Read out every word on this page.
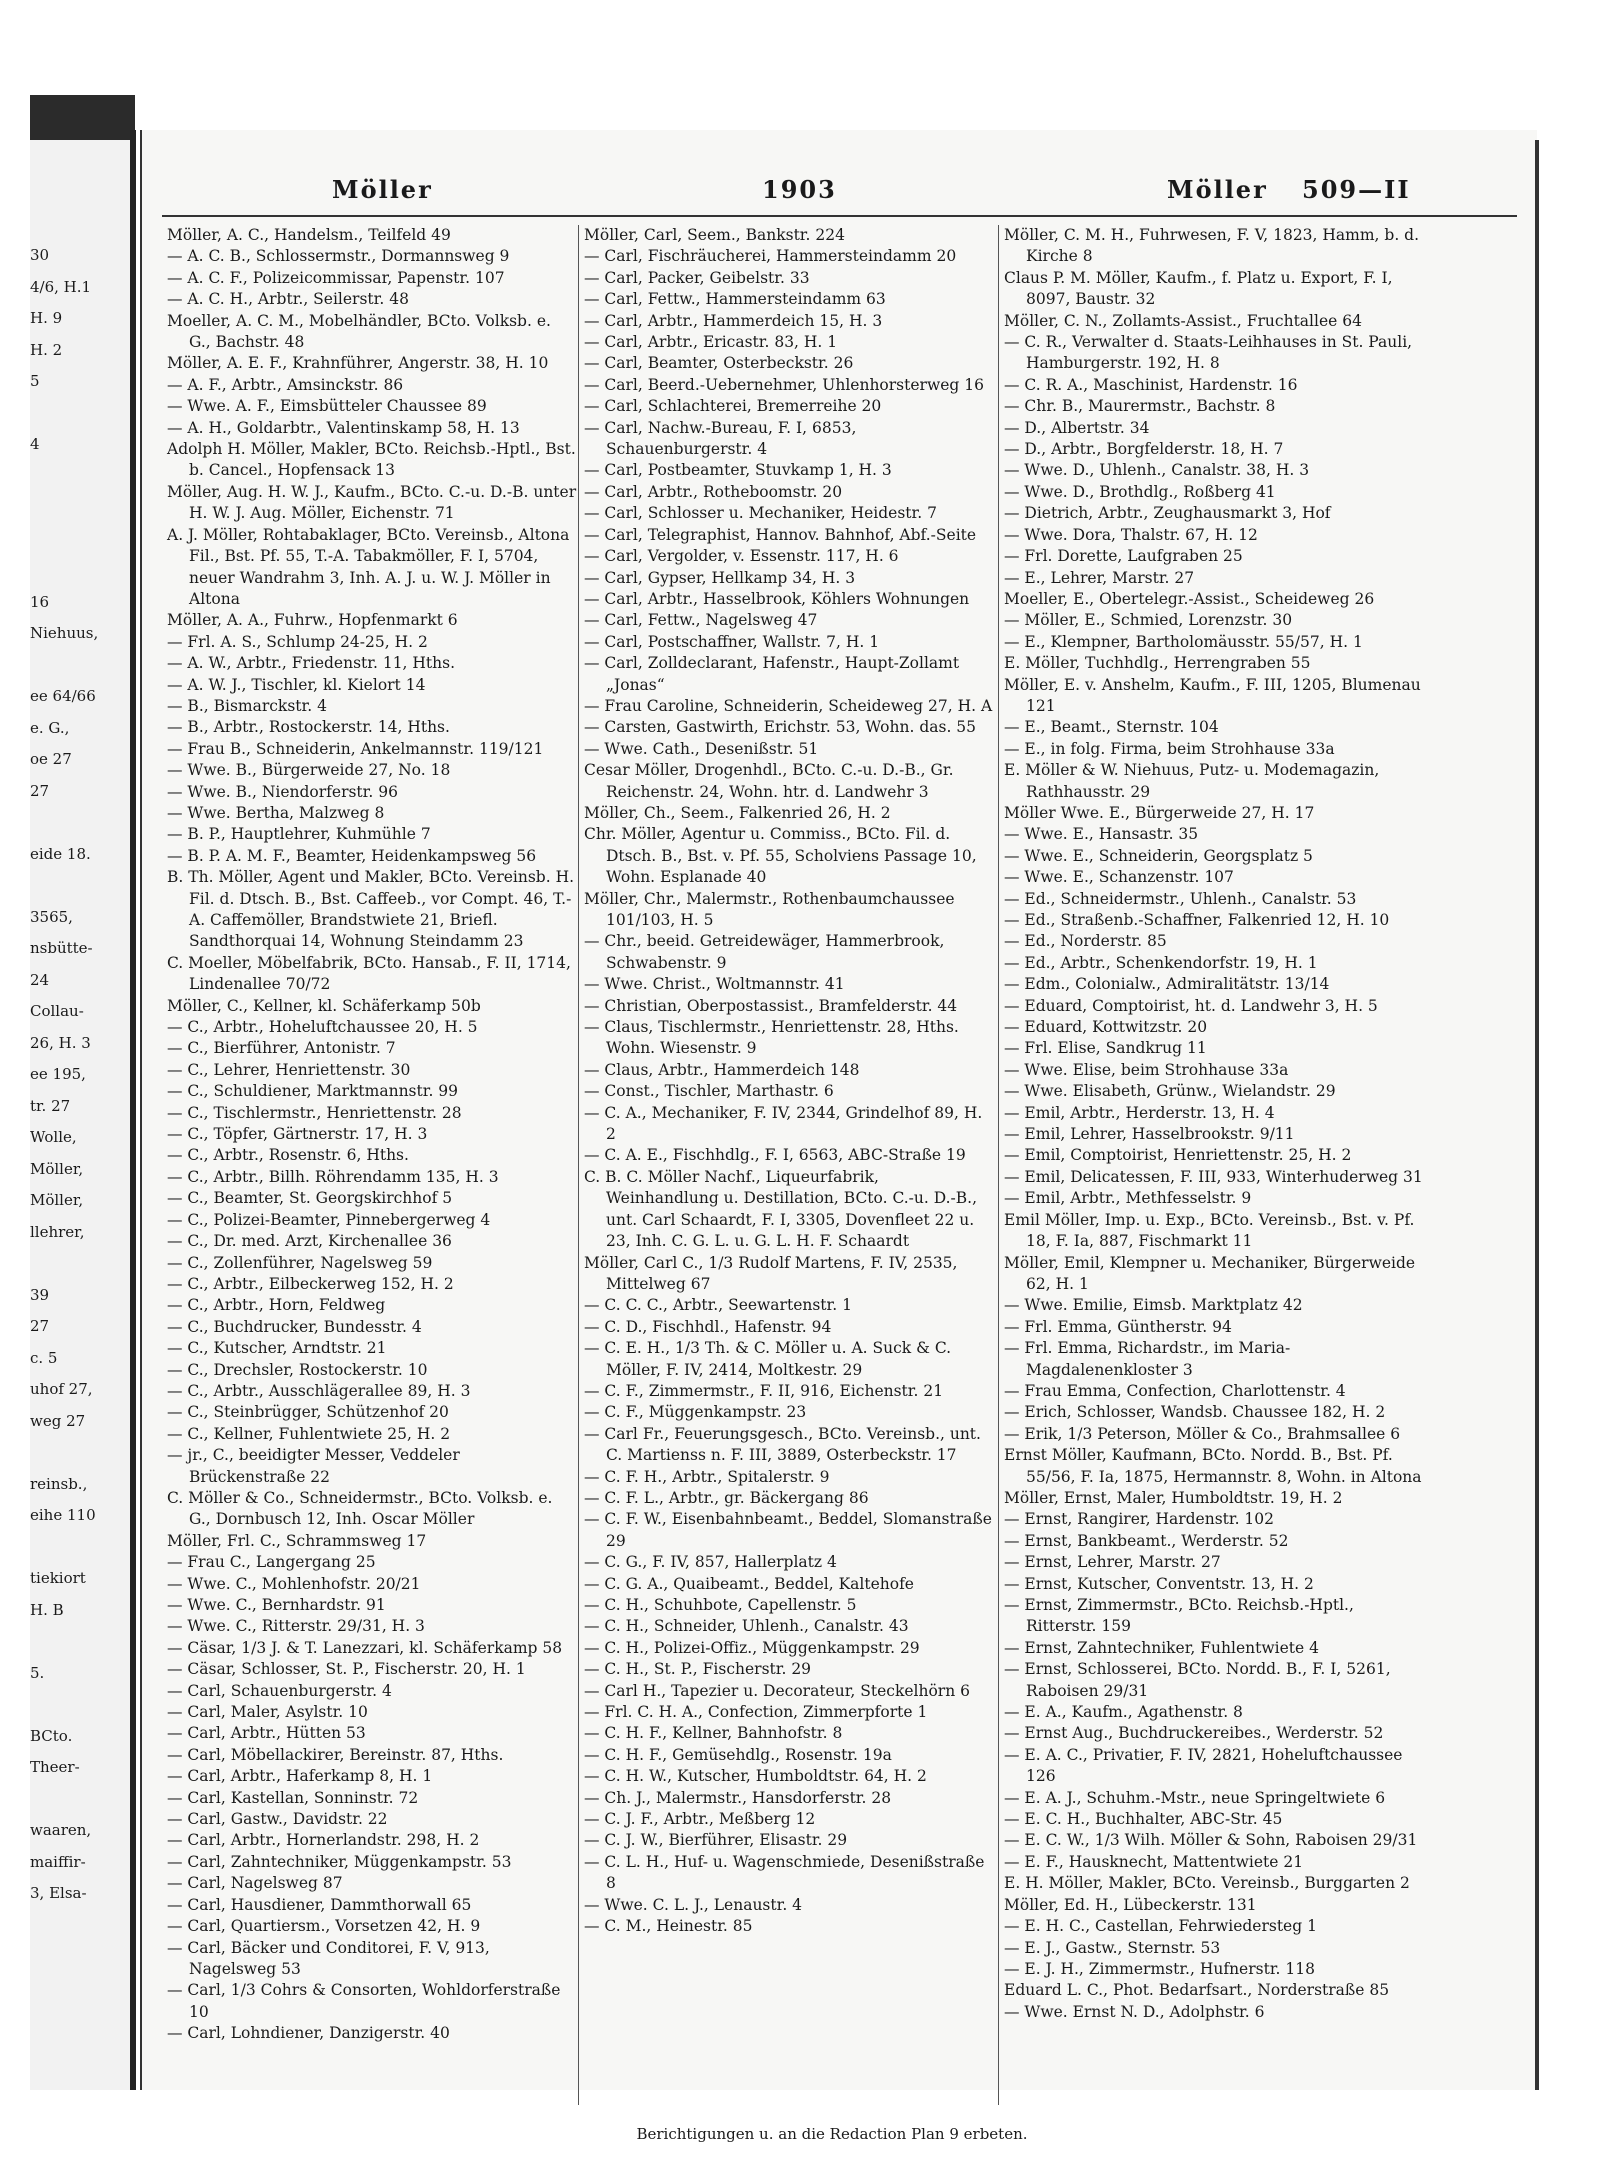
30
4/6, H.1
H. 9
H. 2
5
4
16
Niehuus,
ee 64/66
e. G.,
oe 27
27
eide 18.
3565,
nsbütte-
24
Collau-
26, H. 3
ee 195,
tr. 27
Wolle,
Möller,
Möller,
llehrer,
39
27
c. 5
uhof 27,
weg 27
reinsb.,
eihe 110
tiekiort
H. B
5.
BCto.
Theer-
waaren,
maiffir-
3, Elsa-
Möller	1903	Möller 509—II
Möller, A. C., Handelsm., Teilfeld 49
— A. C. B., Schlossermstr., Dormannsweg 9
— A. C. F., Polizeicommissar, Papenstr. 107
— A. C. H., Arbtr., Seilerstr. 48
Moeller, A. C. M., Mobelhändler, BCto. Volksb. e. G., Bachstr. 48
Möller, A. E. F., Krahnführer, Angerstr. 38, H. 10
— A. F., Arbtr., Amsinckstr. 86
— Wwe. A. F., Eimsbütteler Chaussee 89
— A. H., Goldarbtr., Valentinskamp 58, H. 13
Adolph H. Möller, Makler, BCto. Reichsb.-Hptl., Bst. b. Cancel., Hopfensack 13
Möller, Aug. H. W. J., Kaufm., BCto. C.-u. D.-B. unter H. W. J. Aug. Möller, Eichenstr. 71
A. J. Möller, Rohtabaklager, BCto. Vereinsb., Altona Fil., Bst. Pf. 55, T.-A. Tabakmöller, F. I, 5704, neuer Wandrahm 3, Inh. A. J. u. W. J. Möller in Altona
Möller, A. A., Fuhrw., Hopfenmarkt 6
— Frl. A. S., Schlump 24-25, H. 2
— A. W., Arbtr., Friedenstr. 11, Hths.
— A. W. J., Tischler, kl. Kielort 14
— B., Bismarckstr. 4
— B., Arbtr., Rostockerstr. 14, Hths.
— Frau B., Schneiderin, Ankelmannstr. 119/121
— Wwe. B., Bürgerweide 27, No. 18
— Wwe. B., Niendorferstr. 96
— Wwe. Bertha, Malzweg 8
— B. P., Hauptlehrer, Kuhmühle 7
— B. P. A. M. F., Beamter, Heidenkampsweg 56
B. Th. Möller, Agent und Makler, BCto. Vereinsb. H. Fil. d. Dtsch. B., Bst. Caffeeb., vor Compt. 46, T.-A. Caffemöller, Brandstwiete 21, Briefl. Sandthorquai 14, Wohnung Steindamm 23
C. Moeller, Möbelfabrik, BCto. Hansab., F. II, 1714, Lindenallee 70/72
Möller, C., Kellner, kl. Schäferkamp 50b
— C., Arbtr., Hoheluftchaussee 20, H. 5
— C., Bierführer, Antonistr. 7
— C., Lehrer, Henriettenstr. 30
— C., Schuldiener, Marktmannstr. 99
— C., Tischlermstr., Henriettenstr. 28
— C., Töpfer, Gärtnerstr. 17, H. 3
— C., Arbtr., Rosenstr. 6, Hths.
— C., Arbtr., Billh. Röhrendamm 135, H. 3
— C., Beamter, St. Georgskirchhof 5
— C., Polizei-Beamter, Pinnebergerweg 4
— C., Dr. med. Arzt, Kirchenallee 36
— C., Zollenführer, Nagelsweg 59
— C., Arbtr., Eilbeckerweg 152, H. 2
— C., Arbtr., Horn, Feldweg
— C., Buchdrucker, Bundesstr. 4
— C., Kutscher, Arndtstr. 21
— C., Drechsler, Rostockerstr. 10
— C., Arbtr., Ausschlägerallee 89, H. 3
— C., Steinbrügger, Schützenhof 20
— C., Kellner, Fuhlentwiete 25, H. 2
— jr., C., beeidigter Messer, Veddeler Brückenstraße 22
C. Möller & Co., Schneidermstr., BCto. Volksb. e. G., Dornbusch 12, Inh. Oscar Möller
Möller, Frl. C., Schrammsweg 17
— Frau C., Langergang 25
— Wwe. C., Mohlenhofstr. 20/21
— Wwe. C., Bernhardstr. 91
— Wwe. C., Ritterstr. 29/31, H. 3
— Cäsar, 1/3 J. & T. Lanezzari, kl. Schäferkamp 58
— Cäsar, Schlosser, St. P., Fischerstr. 20, H. 1
— Carl, Schauenburgerstr. 4
— Carl, Maler, Asylstr. 10
— Carl, Arbtr., Hütten 53
— Carl, Möbellackirer, Bereinstr. 87, Hths.
— Carl, Arbtr., Haferkamp 8, H. 1
— Carl, Kastellan, Sonninstr. 72
— Carl, Gastw., Davidstr. 22
— Carl, Arbtr., Hornerlandstr. 298, H. 2
— Carl, Zahntechniker, Müggenkampstr. 53
— Carl, Nagelsweg 87
— Carl, Hausdiener, Dammthorwall 65
— Carl, Quartiersm., Vorsetzen 42, H. 9
— Carl, Bäcker und Conditorei, F. V, 913, Nagelsweg 53
— Carl, 1/3 Cohrs & Consorten, Wohldorferstraße 10
— Carl, Lohndiener, Danzigerstr. 40
Möller, Carl, Seem., Bankstr. 224
— Carl, Fischräucherei, Hammersteindamm 20
— Carl, Packer, Geibelstr. 33
— Carl, Fettw., Hammersteindamm 63
— Carl, Arbtr., Hammerdeich 15, H. 3
— Carl, Arbtr., Ericastr. 83, H. 1
— Carl, Beamter, Osterbeckstr. 26
— Carl, Beerd.-Uebernehmer, Uhlenhorsterweg 16
— Carl, Schlachterei, Bremerreihe 20
— Carl, Nachw.-Bureau, F. I, 6853, Schauenburgerstr. 4
— Carl, Postbeamter, Stuvkamp 1, H. 3
— Carl, Arbtr., Rotheboomstr. 20
— Carl, Schlosser u. Mechaniker, Heidestr. 7
— Carl, Telegraphist, Hannov. Bahnhof, Abf.-Seite
— Carl, Vergolder, v. Essenstr. 117, H. 6
— Carl, Gypser, Hellkamp 34, H. 3
— Carl, Arbtr., Hasselbrook, Köhlers Wohnungen
— Carl, Fettw., Nagelsweg 47
— Carl, Postschaffner, Wallstr. 7, H. 1
— Carl, Zolldeclarant, Hafenstr., Haupt-Zollamt „Jonas“
— Frau Caroline, Schneiderin, Scheideweg 27, H. A
— Carsten, Gastwirth, Erichstr. 53, Wohn. das. 55
— Wwe. Cath., Desenißstr. 51
Cesar Möller, Drogenhdl., BCto. C.-u. D.-B., Gr. Reichenstr. 24, Wohn. htr. d. Landwehr 3
Möller, Ch., Seem., Falkenried 26, H. 2
Chr. Möller, Agentur u. Commiss., BCto. Fil. d. Dtsch. B., Bst. v. Pf. 55, Scholviens Passage 10, Wohn. Esplanade 40
Möller, Chr., Malermstr., Rothenbaumchaussee 101/103, H. 5
— Chr., beeid. Getreidewäger, Hammerbrook, Schwabenstr. 9
— Wwe. Christ., Woltmannstr. 41
— Christian, Oberpostassist., Bramfelderstr. 44
— Claus, Tischlermstr., Henriettenstr. 28, Hths. Wohn. Wiesenstr. 9
— Claus, Arbtr., Hammerdeich 148
— Const., Tischler, Marthastr. 6
— C. A., Mechaniker, F. IV, 2344, Grindelhof 89, H. 2
— C. A. E., Fischhdlg., F. I, 6563, ABC-Straße 19
C. B. C. Möller Nachf., Liqueurfabrik, Weinhandlung u. Destillation, BCto. C.-u. D.-B., unt. Carl Schaardt, F. I, 3305, Dovenfleet 22 u. 23, Inh. C. G. L. u. G. L. H. F. Schaardt
Möller, Carl C., 1/3 Rudolf Martens, F. IV, 2535, Mittelweg 67
— C. C. C., Arbtr., Seewartenstr. 1
— C. D., Fischhdl., Hafenstr. 94
— C. E. H., 1/3 Th. & C. Möller u. A. Suck & C. Möller, F. IV, 2414, Moltkestr. 29
— C. F., Zimmermstr., F. II, 916, Eichenstr. 21
— C. F., Müggenkampstr. 23
— Carl Fr., Feuerungsgesch., BCto. Vereinsb., unt. C. Martienss n. F. III, 3889, Osterbeckstr. 17
— C. F. H., Arbtr., Spitalerstr. 9
— C. F. L., Arbtr., gr. Bäckergang 86
— C. F. W., Eisenbahnbeamt., Beddel, Slomanstraße 29
— C. G., F. IV, 857, Hallerplatz 4
— C. G. A., Quaibeamt., Beddel, Kaltehofe
— C. H., Schuhbote, Capellenstr. 5
— C. H., Schneider, Uhlenh., Canalstr. 43
— C. H., Polizei-Offiz., Müggenkampstr. 29
— C. H., St. P., Fischerstr. 29
— Carl H., Tapezier u. Decorateur, Steckelhörn 6
— Frl. C. H. A., Confection, Zimmerpforte 1
— C. H. F., Kellner, Bahnhofstr. 8
— C. H. F., Gemüsehdlg., Rosenstr. 19a
— C. H. W., Kutscher, Humboldtstr. 64, H. 2
— Ch. J., Malermstr., Hansdorferstr. 28
— C. J. F., Arbtr., Meßberg 12
— C. J. W., Bierführer, Elisastr. 29
— C. L. H., Huf- u. Wagenschmiede, Desenißstraße 8
— Wwe. C. L. J., Lenaustr. 4
— C. M., Heinestr. 85
Möller, C. M. H., Fuhrwesen, F. V, 1823, Hamm, b. d. Kirche 8
Claus P. M. Möller, Kaufm., f. Platz u. Export, F. I, 8097, Baustr. 32
Möller, C. N., Zollamts-Assist., Fruchtallee 64
— C. R., Verwalter d. Staats-Leihhauses in St. Pauli, Hamburgerstr. 192, H. 8
— C. R. A., Maschinist, Hardenstr. 16
— Chr. B., Maurermstr., Bachstr. 8
— D., Albertstr. 34
— D., Arbtr., Borgfelderstr. 18, H. 7
— Wwe. D., Uhlenh., Canalstr. 38, H. 3
— Wwe. D., Brothdlg., Roßberg 41
— Dietrich, Arbtr., Zeughausmarkt 3, Hof
— Wwe. Dora, Thalstr. 67, H. 12
— Frl. Dorette, Laufgraben 25
— E., Lehrer, Marstr. 27
Moeller, E., Obertelegr.-Assist., Scheideweg 26
— Möller, E., Schmied, Lorenzstr. 30
— E., Klempner, Bartholomäusstr. 55/57, H. 1
E. Möller, Tuchhdlg., Herrengraben 55
Möller, E. v. Anshelm, Kaufm., F. III, 1205, Blumenau 121
— E., Beamt., Sternstr. 104
— E., in folg. Firma, beim Strohhause 33a
E. Möller & W. Niehuus, Putz- u. Modemagazin, Rathhausstr. 29
Möller Wwe. E., Bürgerweide 27, H. 17
— Wwe. E., Hansastr. 35
— Wwe. E., Schneiderin, Georgsplatz 5
— Wwe. E., Schanzenstr. 107
— Ed., Schneidermstr., Uhlenh., Canalstr. 53
— Ed., Straßenb.-Schaffner, Falkenried 12, H. 10
— Ed., Norderstr. 85
— Ed., Arbtr., Schenkendorfstr. 19, H. 1
— Edm., Colonialw., Admiralitätstr. 13/14
— Eduard, Comptoirist, ht. d. Landwehr 3, H. 5
— Eduard, Kottwitzstr. 20
— Frl. Elise, Sandkrug 11
— Wwe. Elise, beim Strohhause 33a
— Wwe. Elisabeth, Grünw., Wielandstr. 29
— Emil, Arbtr., Herderstr. 13, H. 4
— Emil, Lehrer, Hasselbrookstr. 9/11
— Emil, Comptoirist, Henriettenstr. 25, H. 2
— Emil, Delicatessen, F. III, 933, Winterhuderweg 31
— Emil, Arbtr., Methfesselstr. 9
Emil Möller, Imp. u. Exp., BCto. Vereinsb., Bst. v. Pf. 18, F. Ia, 887, Fischmarkt 11
Möller, Emil, Klempner u. Mechaniker, Bürgerweide 62, H. 1
— Wwe. Emilie, Eimsb. Marktplatz 42
— Frl. Emma, Güntherstr. 94
— Frl. Emma, Richardstr., im Maria-Magdalenenkloster 3
— Frau Emma, Confection, Charlottenstr. 4
— Erich, Schlosser, Wandsb. Chaussee 182, H. 2
— Erik, 1/3 Peterson, Möller & Co., Brahmsallee 6
Ernst Möller, Kaufmann, BCto. Nordd. B., Bst. Pf. 55/56, F. Ia, 1875, Hermannstr. 8, Wohn. in Altona
Möller, Ernst, Maler, Humboldtstr. 19, H. 2
— Ernst, Rangirer, Hardenstr. 102
— Ernst, Bankbeamt., Werderstr. 52
— Ernst, Lehrer, Marstr. 27
— Ernst, Kutscher, Conventstr. 13, H. 2
— Ernst, Zimmermstr., BCto. Reichsb.-Hptl., Ritterstr. 159
— Ernst, Zahntechniker, Fuhlentwiete 4
— Ernst, Schlosserei, BCto. Nordd. B., F. I, 5261, Raboisen 29/31
— E. A., Kaufm., Agathenstr. 8
— Ernst Aug., Buchdruckereibes., Werderstr. 52
— E. A. C., Privatier, F. IV, 2821, Hoheluftchaussee 126
— E. A. J., Schuhm.-Mstr., neue Springeltwiete 6
— E. C. H., Buchhalter, ABC-Str. 45
— E. C. W., 1/3 Wilh. Möller & Sohn, Raboisen 29/31
— E. F., Hausknecht, Mattentwiete 21
E. H. Möller, Makler, BCto. Vereinsb., Burggarten 2
Möller, Ed. H., Lübeckerstr. 131
— E. H. C., Castellan, Fehrwiedersteg 1
— E. J., Gastw., Sternstr. 53
— E. J. H., Zimmermstr., Hufnerstr. 118
Eduard L. C., Phot. Bedarfsart., Norderstraße 85
— Wwe. Ernst N. D., Adolphstr. 6
Berichtigungen u. an die Redaction Plan 9 erbeten.
